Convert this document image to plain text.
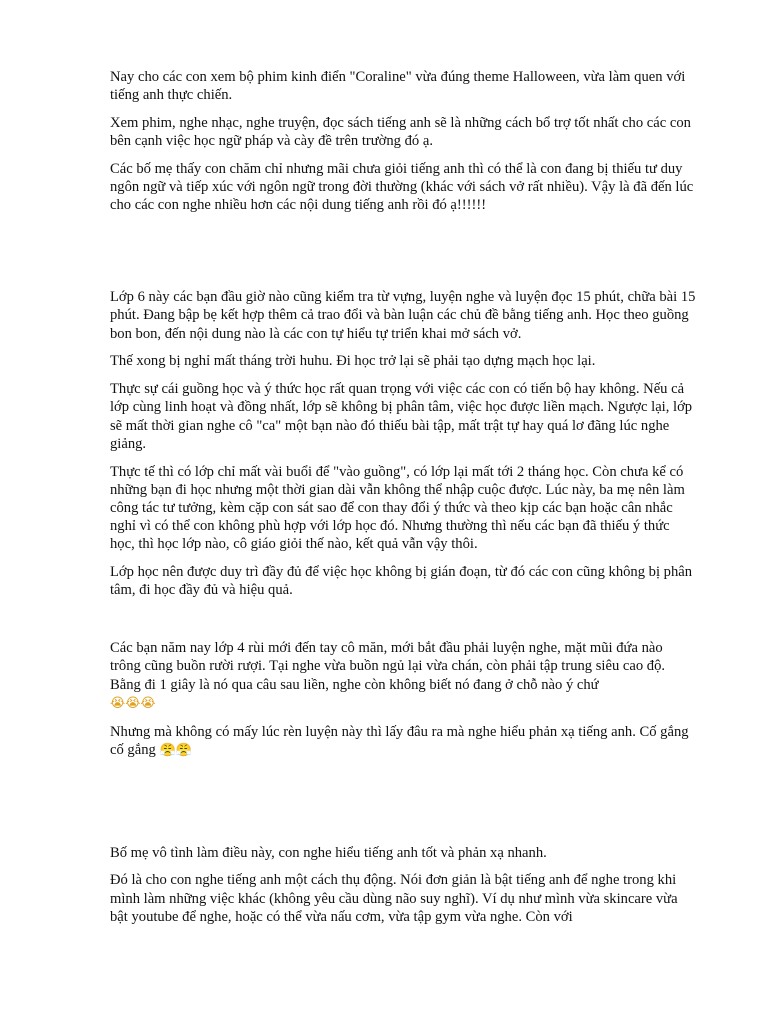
Nay cho các con xem bộ phim kinh điển "Coraline" vừa đúng theme Halloween, vừa làm quen với tiếng anh thực chiến.

Xem phim, nghe nhạc, nghe truyện, đọc sách tiếng anh sẽ là những cách bổ trợ tốt nhất cho các con bên cạnh việc học ngữ pháp và cày đề trên trường đó ạ.

Các bố mẹ thấy con chăm chỉ nhưng mãi chưa giỏi tiếng anh thì có thể là con đang bị thiếu tư duy ngôn ngữ và tiếp xúc với ngôn ngữ trong đời thường (khác với sách vở rất nhiều). Vậy là đã đến lúc cho các con nghe nhiều hơn các nội dung tiếng anh rồi đó ạ!!!!!!

Lớp 6 này các bạn đầu giờ nào cũng kiểm tra từ vựng, luyện nghe và luyện đọc 15 phút, chữa bài 15 phút. Đang bập bẹ kết hợp thêm cả trao đổi và bàn luận các chủ đề bằng tiếng anh. Học theo guồng bon bon, đến nội dung nào là các con tự hiểu tự triển khai mở sách vở.

Thế xong bị nghỉ mất tháng trời huhu. Đi học trở lại sẽ phải tạo dựng mạch học lại.

Thực sự cái guồng học và ý thức học rất quan trọng với việc các con có tiến bộ hay không. Nếu cả lớp cùng linh hoạt và đồng nhất, lớp sẽ không bị phân tâm, việc học được liền mạch. Ngược lại, lớp sẽ mất thời gian nghe cô "ca" một bạn nào đó thiếu bài tập, mất trật tự hay quá lơ đãng lúc nghe giảng.

Thực tế thì có lớp chỉ mất vài buổi để "vào guồng", có lớp lại mất tới 2 tháng học. Còn chưa kể có những bạn đi học nhưng một thời gian dài vẫn không thể nhập cuộc được. Lúc này, ba mẹ nên làm công tác tư tưởng, kèm cặp con sát sao để con thay đổi ý thức và theo kịp các bạn hoặc cân nhắc nghỉ vì có thể con không phù hợp với lớp học đó. Nhưng thường thì nếu các bạn đã thiếu ý thức học, thì học lớp nào, cô giáo giỏi thế nào, kết quả vẫn vậy thôi.

Lớp học nên được duy trì đầy đủ để việc học không bị gián đoạn, từ đó các con cũng không bị phân tâm, đi học đầy đủ và hiệu quả.

Các bạn năm nay lớp 4 rùi mới đến tay cô măn, mới bắt đầu phải luyện nghe, mặt mũi đứa nào trông cũng buồn rười rượi. Tại nghe vừa buồn ngủ lại vừa chán, còn phải tập trung siêu cao độ. Bằng đi 1 giây là nó qua câu sau liền, nghe còn không biết nó đang ở chỗ nào ý chứ
😭😭😭

Nhưng mà không có mấy lúc rèn luyện này thì lấy đâu ra mà nghe hiểu phản xạ tiếng anh. Cố gắng cố gắng 😤😤

Bố mẹ vô tình làm điều này, con nghe hiểu tiếng anh tốt và phản xạ nhanh.

Đó là cho con nghe tiếng anh một cách thụ động. Nói đơn giản là bật tiếng anh để nghe trong khi mình làm những việc khác (không yêu cầu dùng não suy nghĩ). Ví dụ như mình vừa skincare vừa bật youtube để nghe, hoặc có thể vừa nấu cơm, vừa tập gym vừa nghe. Còn với
